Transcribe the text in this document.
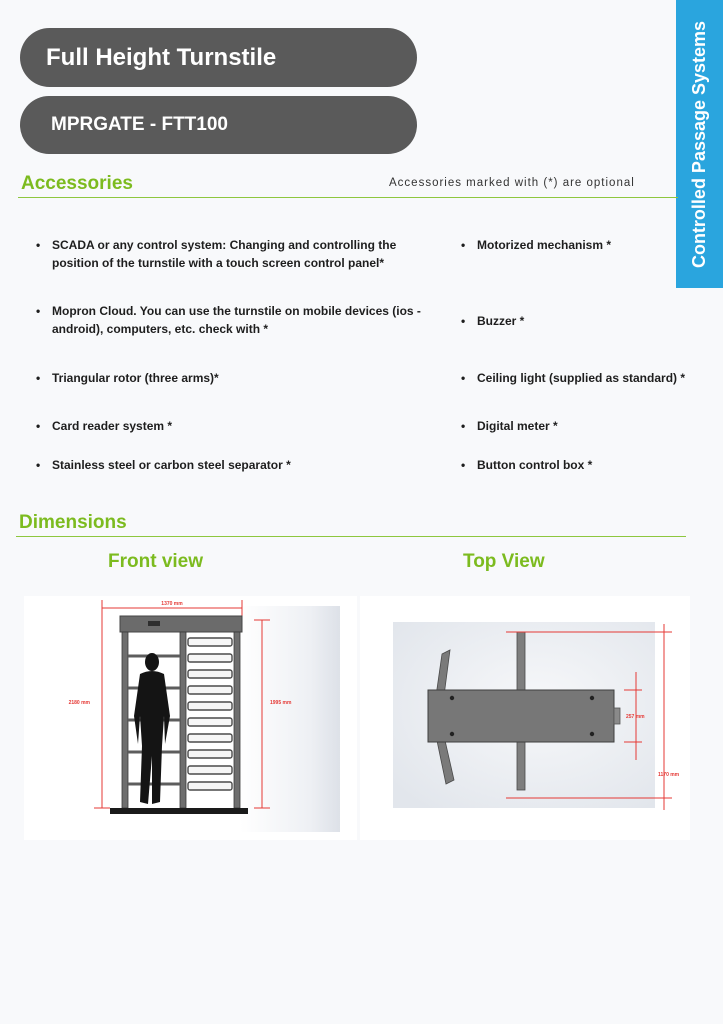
Full Height Turnstile
MPRGATE - FTT100	Controlled Passage Systems
Accessories	Accessories marked with (*) are optional
• SCADA or any control system: Changing and controlling the position of the turnstile with a touch screen control panel*
• Mopron Cloud. You can use the turnstile on mobile devices (ios - android), computers, etc. check with *
• Triangular rotor (three arms)*
• Card reader system *
• Stainless steel or carbon steel separator *
• Motorized mechanism *
• Buzzer *
• Ceiling light (supplied as standard) *
• Digital meter *
• Button control box *
Dimensions
Front view	Top View
1370 mm
2180 mm	1995 mm
1170 mm
257 mm
